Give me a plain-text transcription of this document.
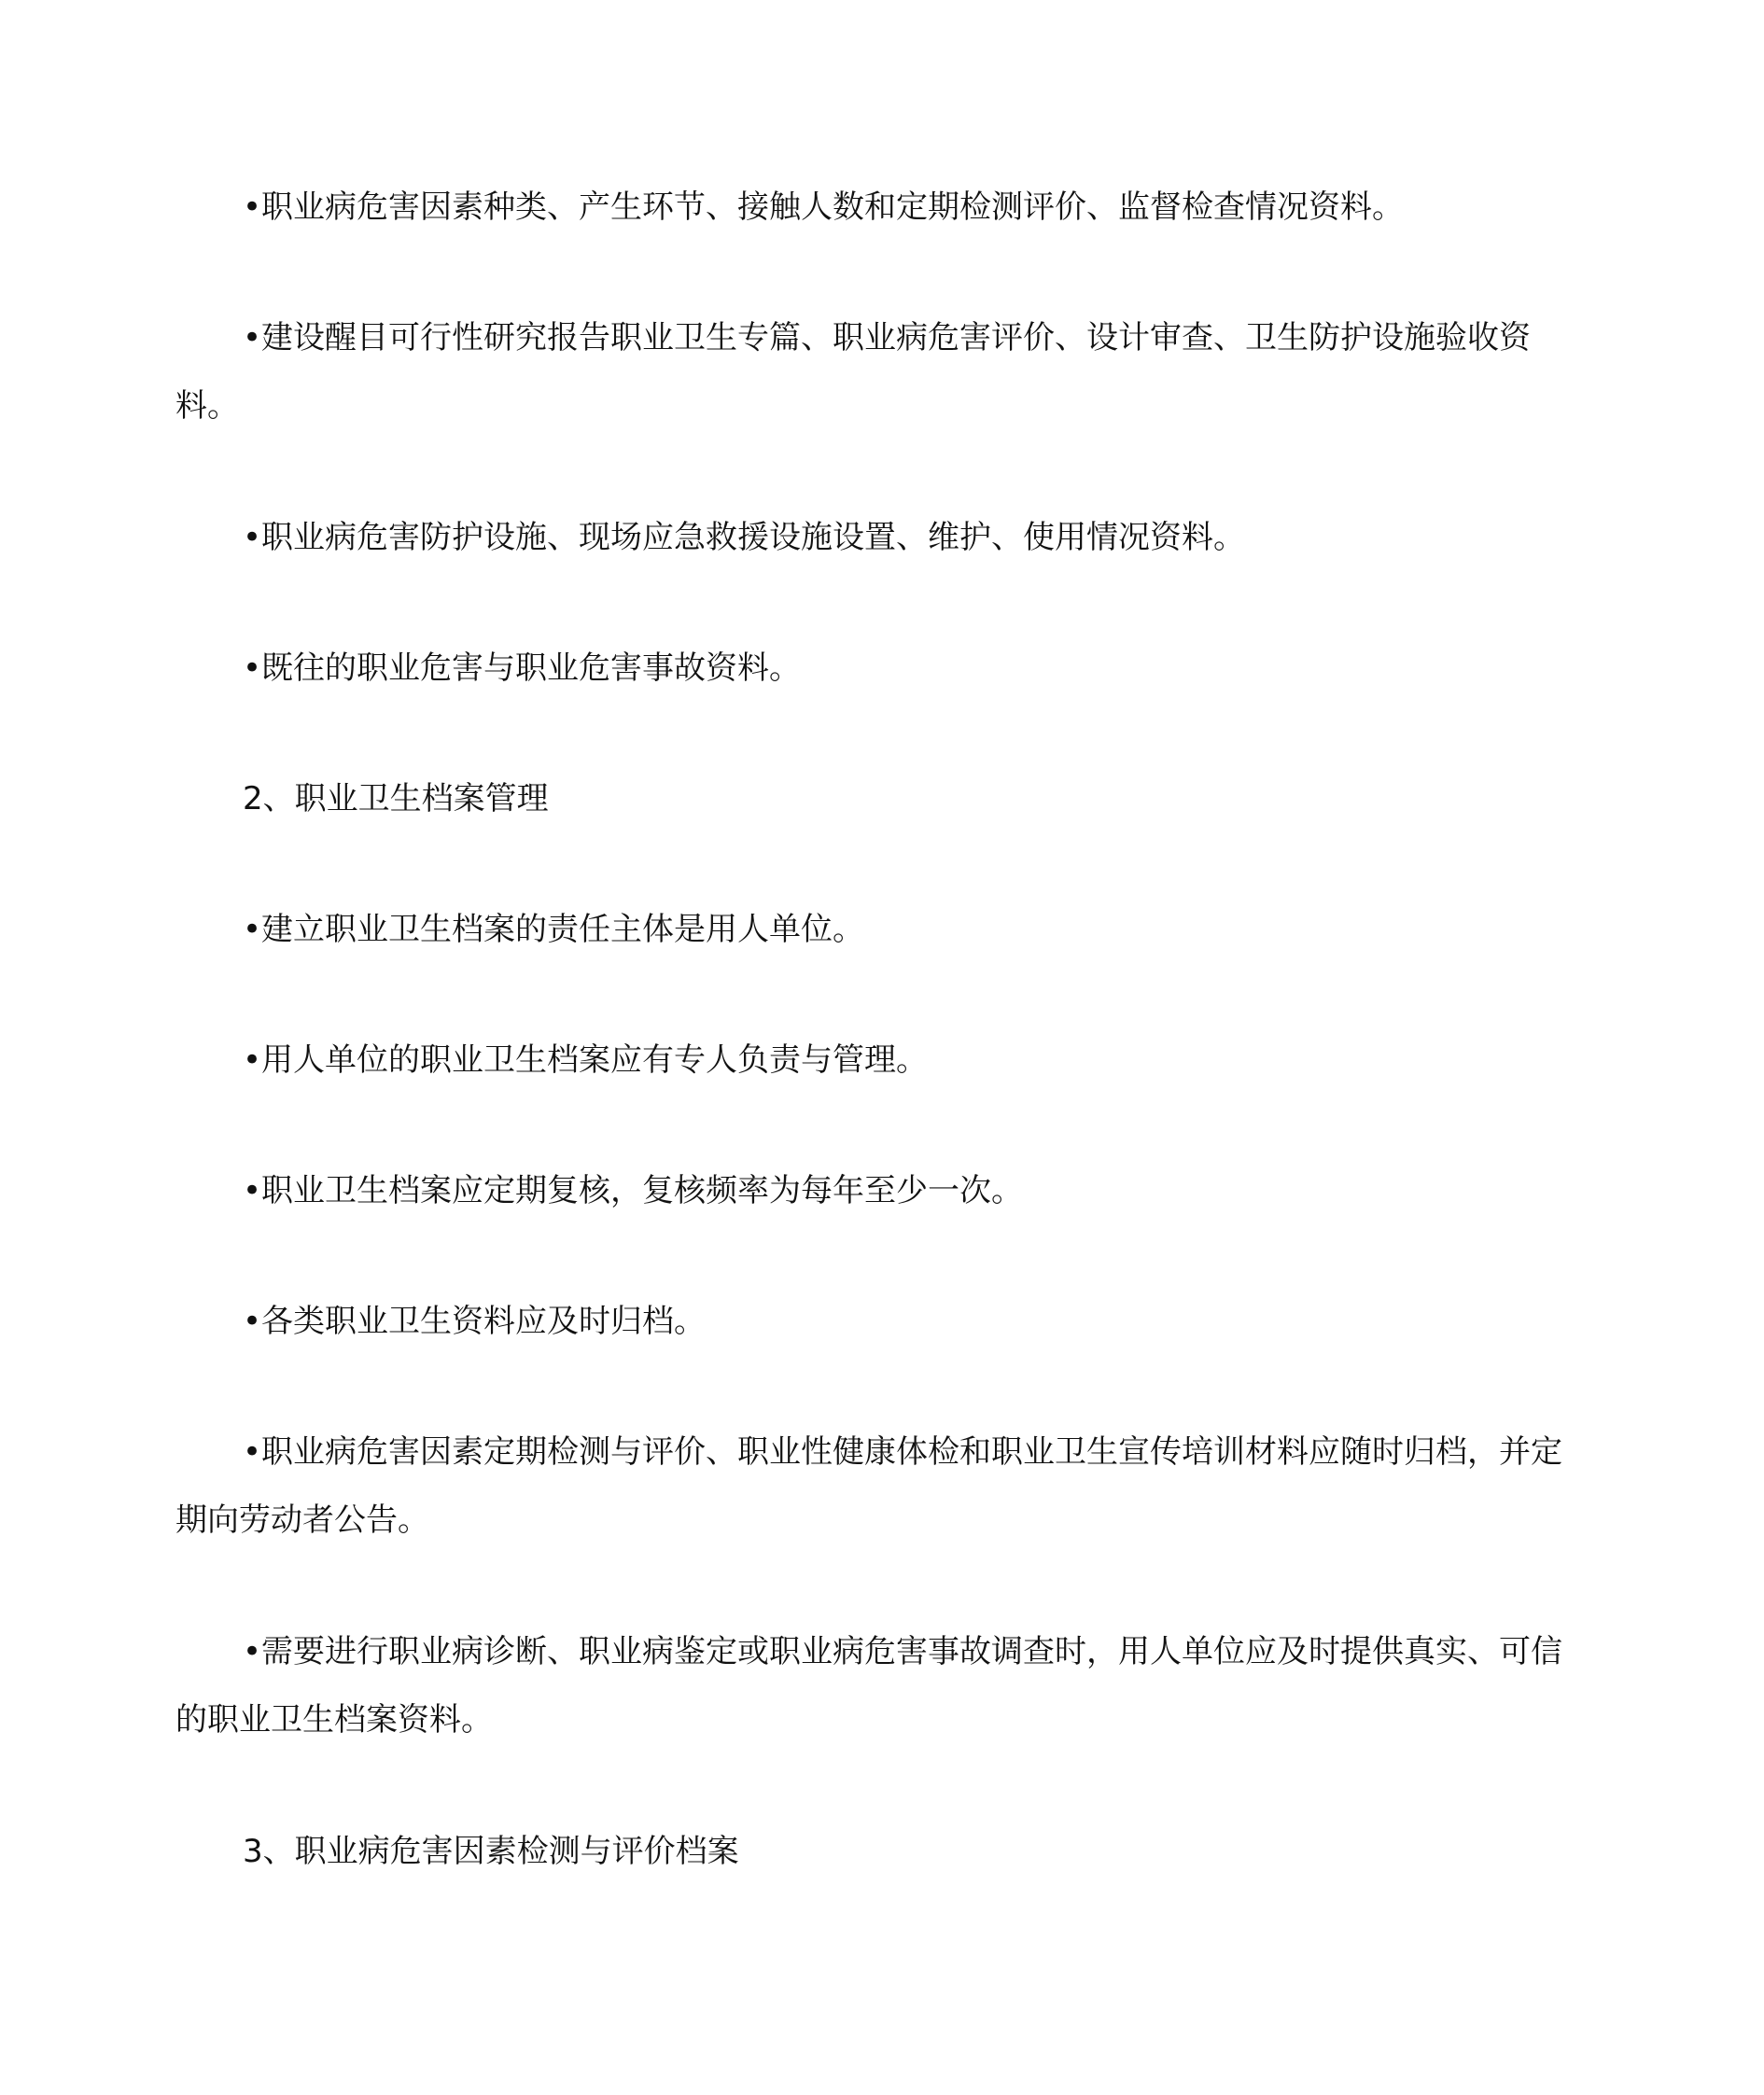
•职业病危害因素种类、产生环节、接触人数和定期检测评价、监督检查情况资料。

•建设醒目可行性研究报告职业卫生专篇、职业病危害评价、设计审查、卫生防护设施验收资料。

•职业病危害防护设施、现场应急救援设施设置、维护、使用情况资料。

•既往的职业危害与职业危害事故资料。

2、职业卫生档案管理

•建立职业卫生档案的责任主体是用人单位。

•用人单位的职业卫生档案应有专人负责与管理。

•职业卫生档案应定期复核，复核频率为每年至少一次。

•各类职业卫生资料应及时归档。

•职业病危害因素定期检测与评价、职业性健康体检和职业卫生宣传培训材料应随时归档，并定期向劳动者公告。

•需要进行职业病诊断、职业病鉴定或职业病危害事故调查时，用人单位应及时提供真实、可信的职业卫生档案资料。

3、职业病危害因素检测与评价档案
